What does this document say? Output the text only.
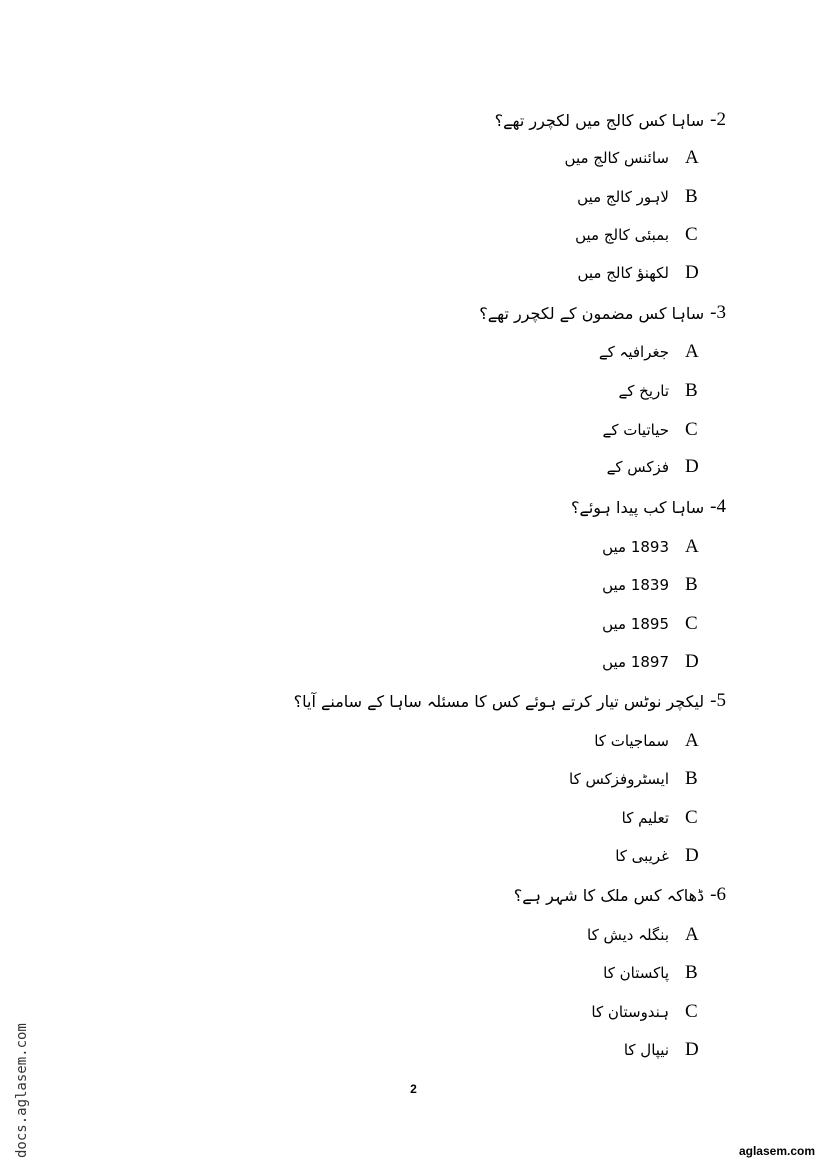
-2
ساہا کس کالج میں لکچرر تھے؟
A
سائنس کالج میں
B
لاہور کالج میں
C
بمبئی کالج میں
D
لکھنؤ کالج میں
-3
ساہا کس مضمون کے لکچرر تھے؟
A
جغرافیہ کے
B
تاریخ کے
C
حیاتیات کے
D
فزکس کے
-4
ساہا کب پیدا ہوئے؟
A
1893 میں
B
1839 میں
C
1895 میں
D
1897 میں
-5
لیکچر نوٹس تیار کرتے ہوئے کس کا مسئلہ ساہا کے سامنے آیا؟
A
سماجیات کا
B
ایسٹروفزکس کا
C
تعلیم کا
D
غریبی کا
-6
ڈھاکہ کس ملک کا شہر ہے؟
A
بنگلہ دیش کا
B
پاکستان کا
C
ہندوستان کا
D
نیپال کا
2
docs.aglasem.com	aglasem.com
